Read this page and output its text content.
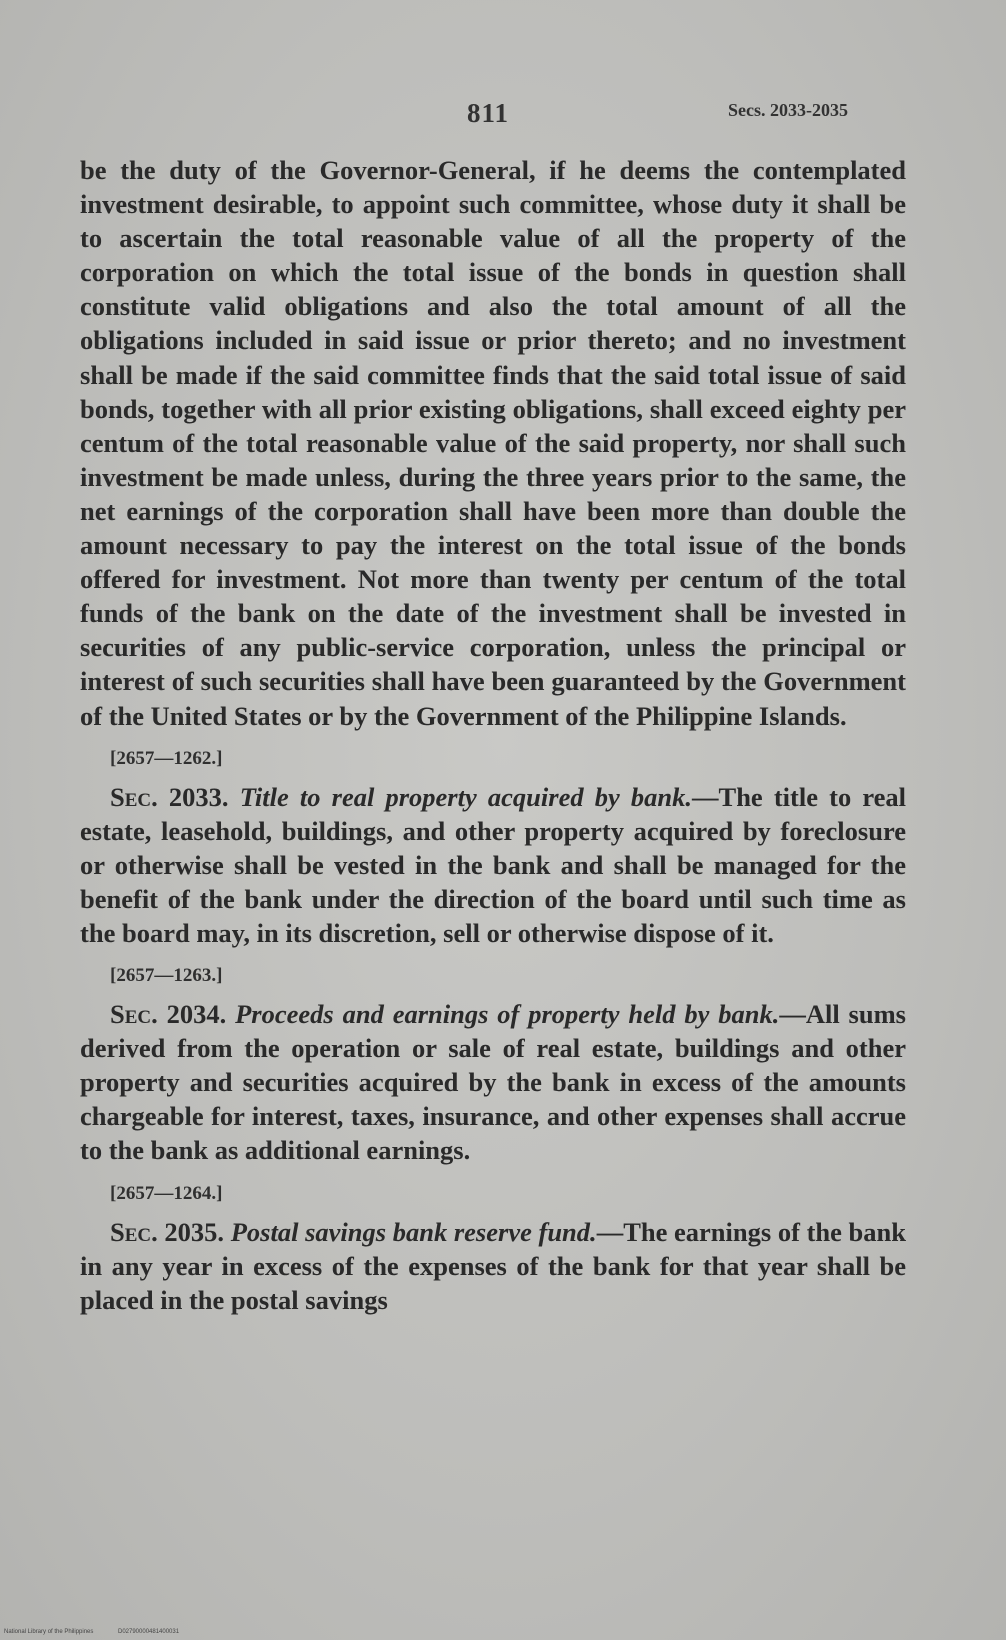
811	Secs. 2033-2035

be the duty of the Governor-General, if he deems the contemplated investment desirable, to appoint such committee, whose duty it shall be to ascertain the total reasonable value of all the property of the corporation on which the total issue of the bonds in question shall constitute valid obligations and also the total amount of all the obligations included in said issue or prior thereto; and no investment shall be made if the said committee finds that the said total issue of said bonds, together with all prior existing obligations, shall exceed eighty per centum of the total reasonable value of the said property, nor shall such investment be made unless, during the three years prior to the same, the net earnings of the corporation shall have been more than double the amount necessary to pay the interest on the total issue of the bonds offered for investment. Not more than twenty per centum of the total funds of the bank on the date of the investment shall be invested in securities of any public-service corporation, unless the principal or interest of such securities shall have been guaranteed by the Government of the United States or by the Government of the Philippine Islands.

[2657—1262.]

Sec. 2033. Title to real property acquired by bank.—The title to real estate, leasehold, buildings, and other property acquired by foreclosure or otherwise shall be vested in the bank and shall be managed for the benefit of the bank under the direction of the board until such time as the board may, in its discretion, sell or otherwise dispose of it.

[2657—1263.]

Sec. 2034. Proceeds and earnings of property held by bank.—All sums derived from the operation or sale of real estate, buildings and other property and securities acquired by the bank in excess of the amounts chargeable for interest, taxes, insurance, and other expenses shall accrue to the bank as additional earnings.

[2657—1264.]

Sec. 2035. Postal savings bank reserve fund.—The earnings of the bank in any year in excess of the expenses of the bank for that year shall be placed in the postal savings

National Library of the Philippines	D02790000481400031
